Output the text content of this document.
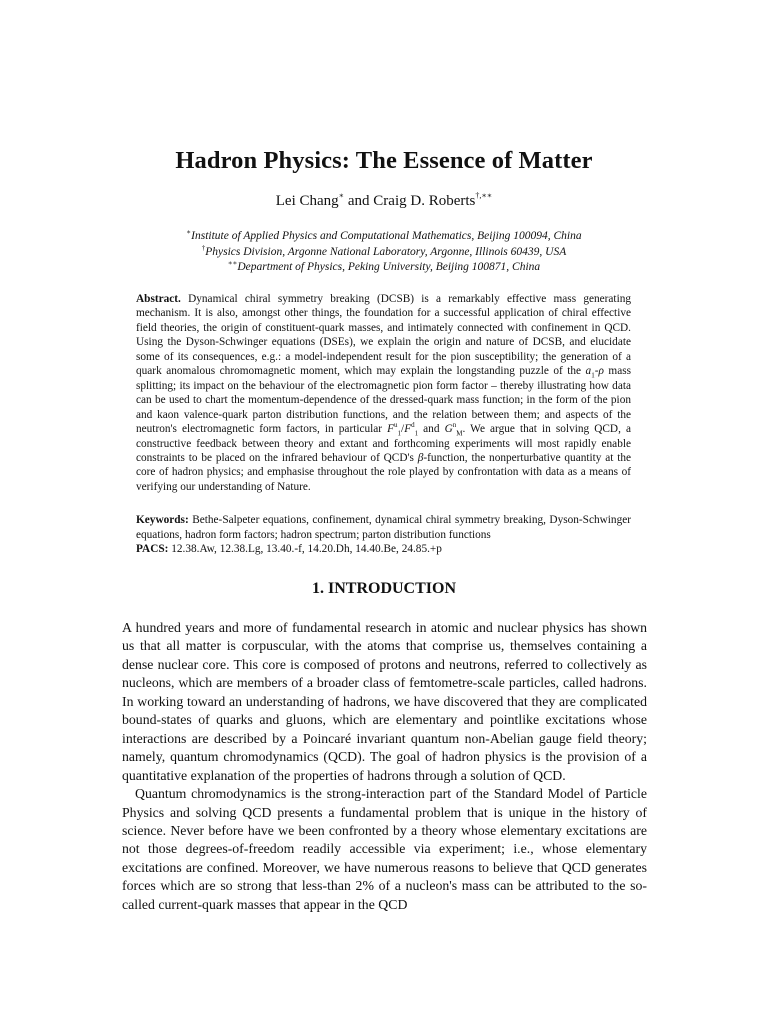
Hadron Physics: The Essence of Matter
Lei Chang∗ and Craig D. Roberts†,∗∗
∗Institute of Applied Physics and Computational Mathematics, Beijing 100094, China
†Physics Division, Argonne National Laboratory, Argonne, Illinois 60439, USA
∗∗Department of Physics, Peking University, Beijing 100871, China
Abstract. Dynamical chiral symmetry breaking (DCSB) is a remarkably effective mass generating mechanism. It is also, amongst other things, the foundation for a successful application of chiral effective field theories, the origin of constituent-quark masses, and intimately connected with confinement in QCD. Using the Dyson-Schwinger equations (DSEs), we explain the origin and nature of DCSB, and elucidate some of its consequences, e.g.: a model-independent result for the pion susceptibility; the generation of a quark anomalous chromomagnetic moment, which may explain the longstanding puzzle of the $a_1-\rho$ mass splitting; its impact on the behaviour of the electromagnetic pion form factor – thereby illustrating how data can be used to chart the momentum-dependence of the dressed-quark mass function; in the form of the pion and kaon valence-quark parton distribution functions, and the relation between them; and aspects of the neutron's electromagnetic form factors, in particular $F^u_1/F^d_1$ and $G^n_M$. We argue that in solving QCD, a constructive feedback between theory and extant and forthcoming experiments will most rapidly enable constraints to be placed on the infrared behaviour of QCD's β-function, the nonperturbative quantity at the core of hadron physics; and emphasise throughout the role played by confrontation with data as a means of verifying our understanding of Nature.
Keywords: Bethe-Salpeter equations, confinement, dynamical chiral symmetry breaking, Dyson-Schwinger equations, hadron form factors; hadron spectrum; parton distribution functions
PACS: 12.38.Aw, 12.38.Lg, 13.40.-f, 14.20.Dh, 14.40.Be, 24.85.+p
1. INTRODUCTION

A hundred years and more of fundamental research in atomic and nuclear physics has shown us that all matter is corpuscular, with the atoms that comprise us, themselves containing a dense nuclear core. This core is composed of protons and neutrons, referred to collectively as nucleons, which are members of a broader class of femtometre-scale particles, called hadrons. In working toward an understanding of hadrons, we have discovered that they are complicated bound-states of quarks and gluons, which are elementary and pointlike excitations whose interactions are described by a Poincaré invariant quantum non-Abelian gauge field theory; namely, quantum chromodynamics (QCD). The goal of hadron physics is the provision of a quantitative explanation of the properties of hadrons through a solution of QCD.

Quantum chromodynamics is the strong-interaction part of the Standard Model of Particle Physics and solving QCD presents a fundamental problem that is unique in the history of science. Never before have we been confronted by a theory whose elementary excitations are not those degrees-of-freedom readily accessible via experiment; i.e., whose elementary excitations are confined. Moreover, we have numerous reasons to believe that QCD generates forces which are so strong that less-than 2% of a nucleon's mass can be attributed to the so-called current-quark masses that appear in the QCD
